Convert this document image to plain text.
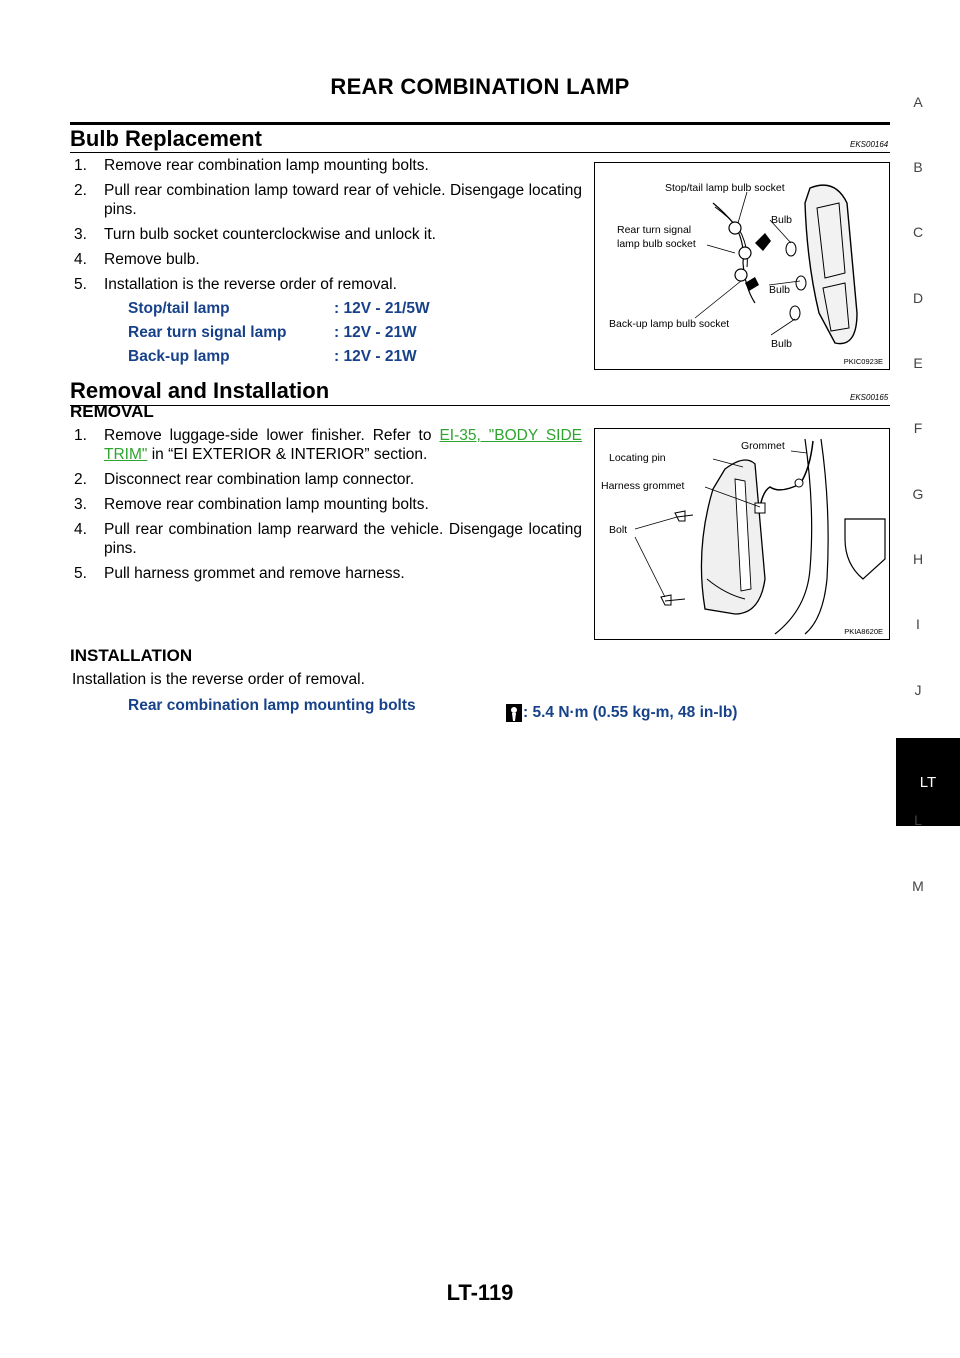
REAR COMBINATION LAMP
Bulb Replacement	EKS00164
1. Remove rear combination lamp mounting bolts.
2. Pull rear combination lamp toward rear of vehicle. Disengage locating pins.
3. Turn bulb socket counterclockwise and unlock it.
4. Remove bulb.
5. Installation is the reverse order of removal.
Stop/tail lamp	: 12V - 21/5W
Rear turn signal lamp	: 12V - 21W
Back-up lamp	: 12V - 21W
Stop/tail lamp bulb socket
Rear turn signal
lamp bulb socket
Bulb
Bulb
Back-up lamp bulb socket
Bulb
PKIC0923E
Removal and Installation	EKS00165
REMOVAL
1. Remove luggage-side lower finisher. Refer to EI-35, "BODY SIDE TRIM" in “EI EXTERIOR & INTERIOR” section.
2. Disconnect rear combination lamp connector.
3. Remove rear combination lamp mounting bolts.
4. Pull rear combination lamp rearward the vehicle. Disengage locating pins.
5. Pull harness grommet and remove harness.
Grommet
Locating pin
Harness grommet
Bolt
PKIA8620E
INSTALLATION
Installation is the reverse order of removal.
Rear combination lamp mounting bolts	: 5.4 N·m (0.55 kg-m, 48 in-lb)
A
B
C
D
E
F
G
H
I
J
LT
L
M
LT-119
